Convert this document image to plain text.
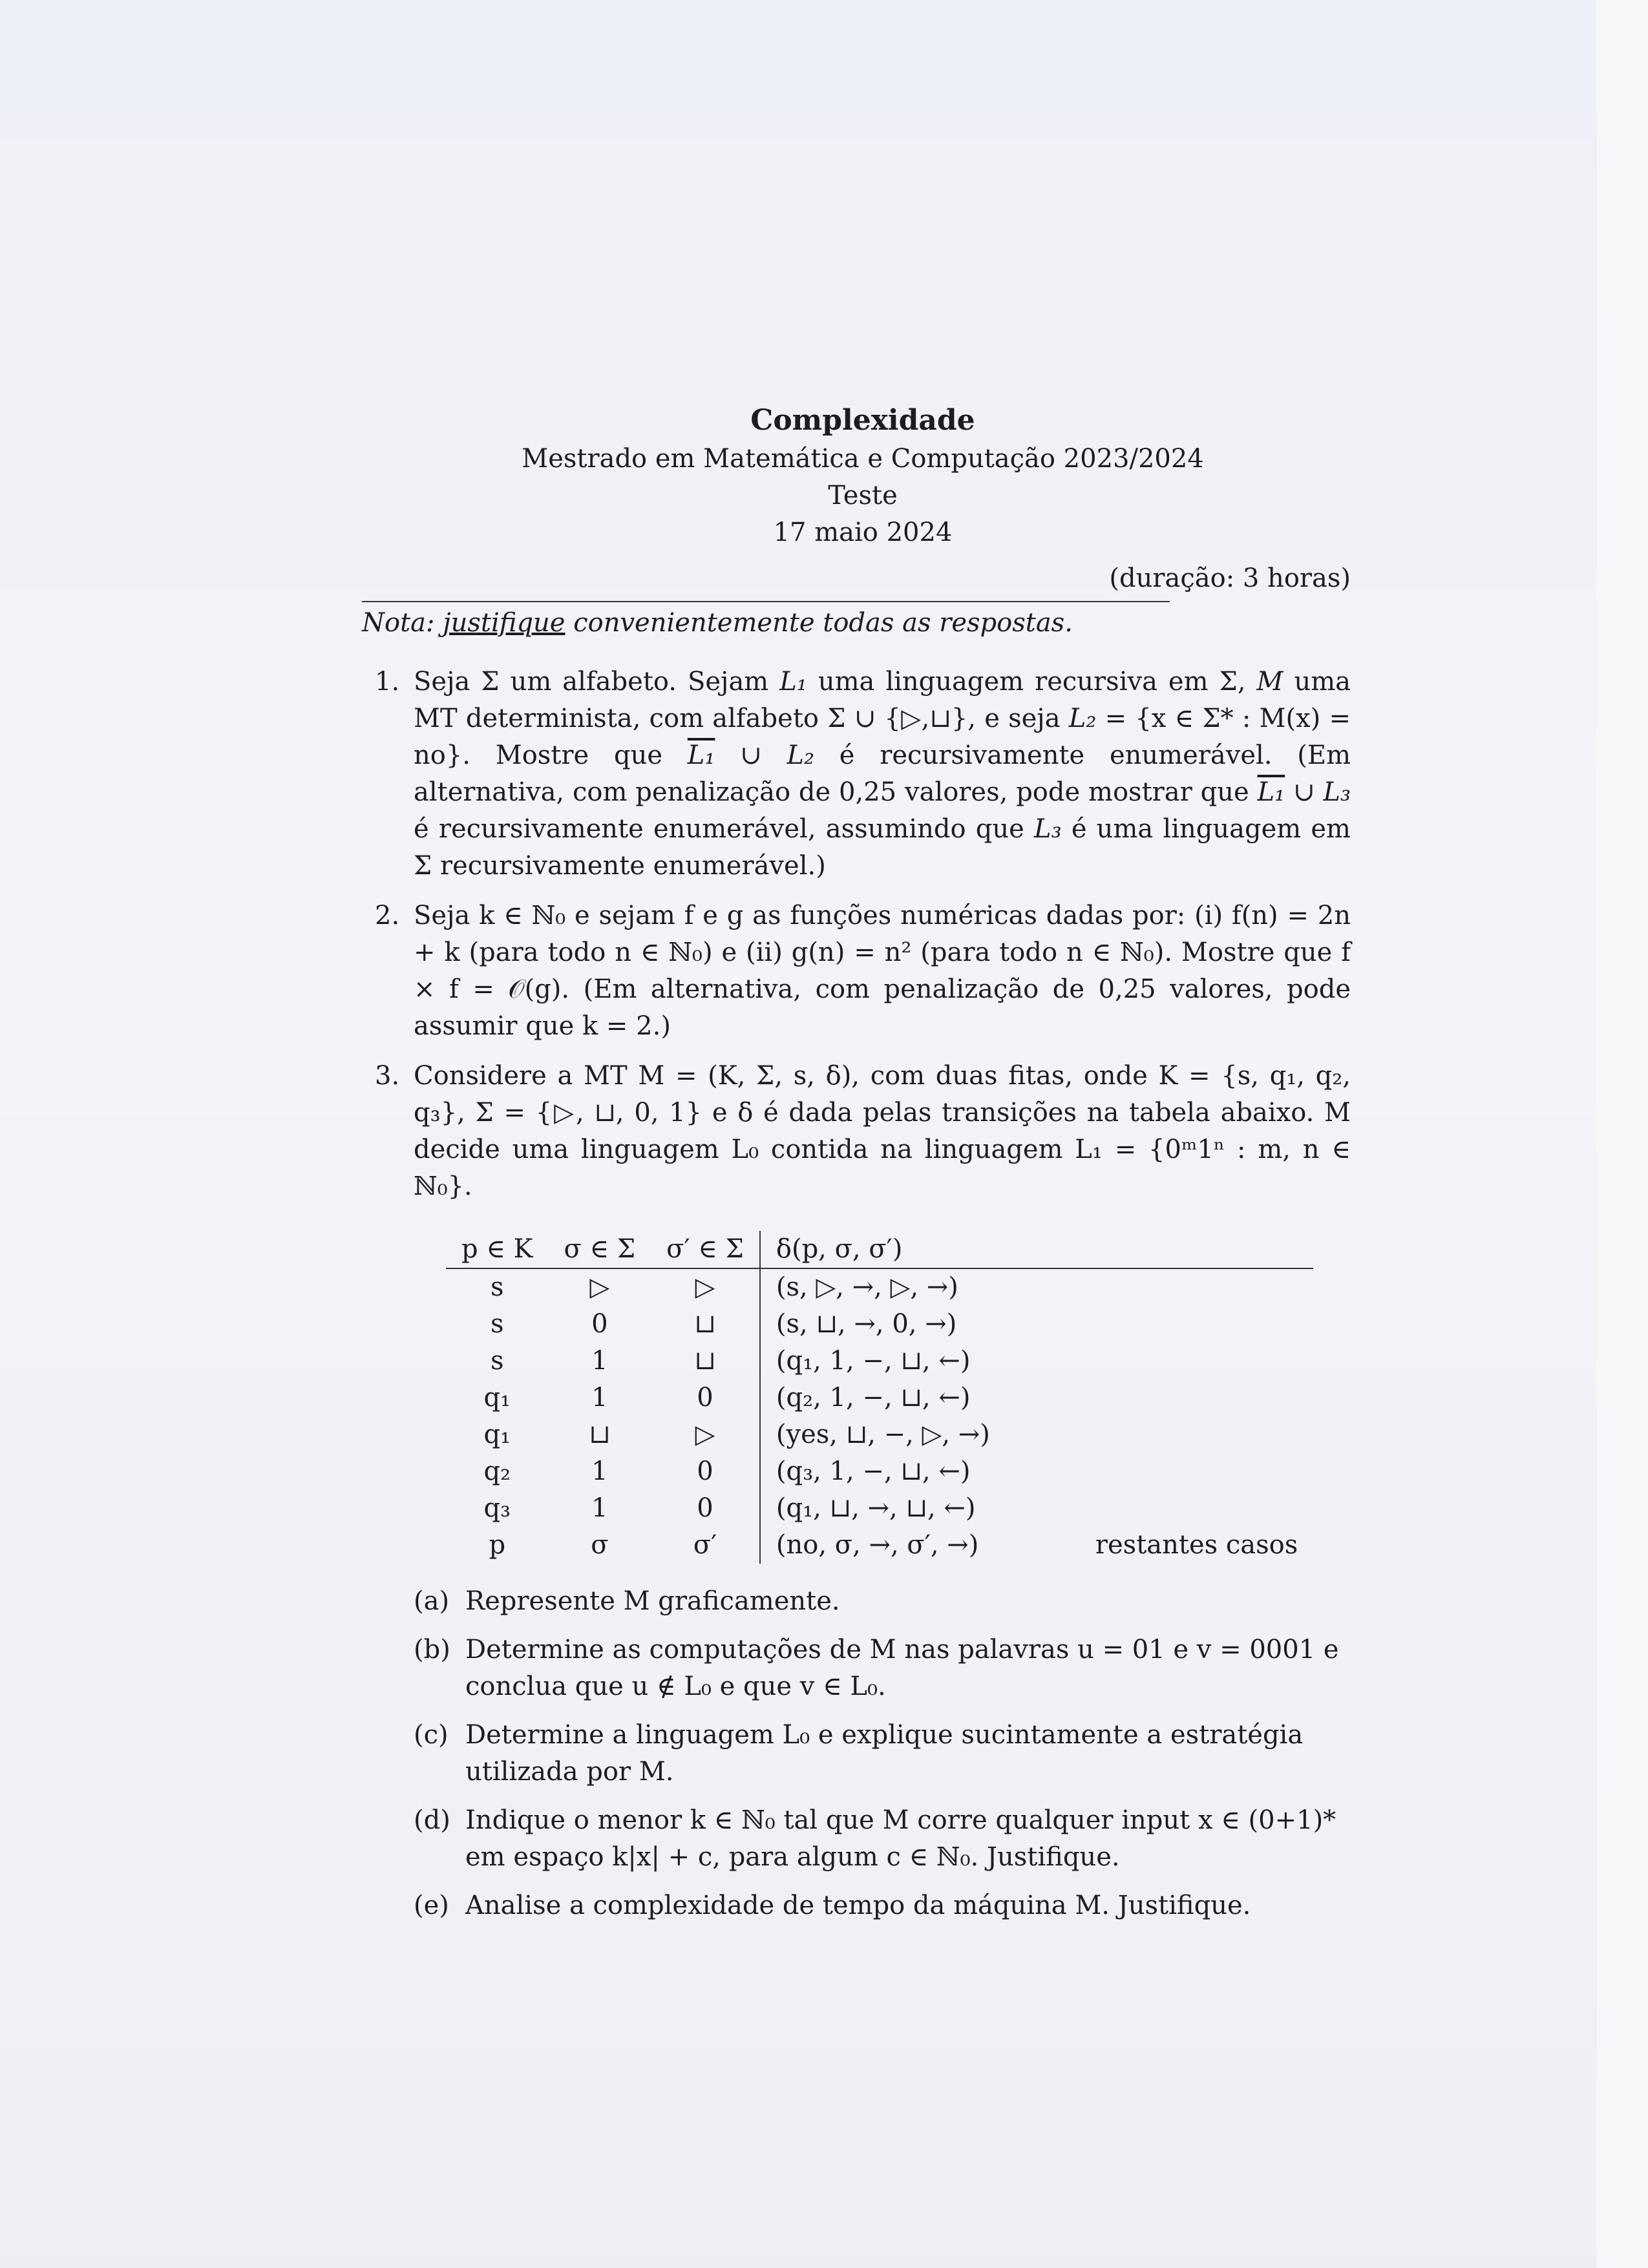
Complexidade
Mestrado em Matemática e Computação 2023/2024
Teste
17 maio 2024
(duração: 3 horas)
Nota: justifique convenientemente todas as respostas.
1. Seja Σ um alfabeto. Sejam L₁ uma linguagem recursiva em Σ, M uma MT determinista, com alfabeto Σ ∪ {▷,⊔}, e seja L₂ = {x ∈ Σ* : M(x) = no}. Mostre que L₁ ∪ L₂ é recursivamente enumerável. (Em alternativa, com penalização de 0,25 valores, pode mostrar que L₁ ∪ L₃ é recursivamente enumerável, assumindo que L₃ é uma linguagem em Σ recursivamente enumerável.)
2. Seja k ∈ ℕ₀ e sejam f e g as funções numéricas dadas por: (i) f(n) = 2n + k (para todo n ∈ ℕ₀) e (ii) g(n) = n² (para todo n ∈ ℕ₀). Mostre que f × f = 𝒪(g). (Em alternativa, com penalização de 0,25 valores, pode assumir que k = 2.)
3. Considere a MT M = (K, Σ, s, δ), com duas fitas, onde K = {s, q₁, q₂, q₃}, Σ = {▷, ⊔, 0, 1} e δ é dada pelas transições na tabela abaixo. M decide uma linguagem L₀ contida na linguagem L₁ = {0ᵐ1ⁿ : m, n ∈ ℕ₀}.
p ∈ K	σ ∈ Σ	σ′ ∈ Σ	δ(p, σ, σ′)	
s	▷	▷	(s, ▷, →, ▷, →)	
s	0	⊔	(s, ⊔, →, 0, →)	
s	1	⊔	(q₁, 1, −, ⊔, ←)	
q₁	1	0	(q₂, 1, −, ⊔, ←)	
q₁	⊔	▷	(yes, ⊔, −, ▷, →)	
q₂	1	0	(q₃, 1, −, ⊔, ←)	
q₃	1	0	(q₁, ⊔, →, ⊔, ←)	
p	σ	σ′	(no, σ, →, σ′, →)	restantes casos
(a) Represente M graficamente.
(b) Determine as computações de M nas palavras u = 01 e v = 0001 e conclua que u ∉ L₀ e que v ∈ L₀.
(c) Determine a linguagem L₀ e explique sucintamente a estratégia utilizada por M.
(d) Indique o menor k ∈ ℕ₀ tal que M corre qualquer input x ∈ (0+1)* em espaço k|x| + c, para algum c ∈ ℕ₀. Justifique.
(e) Analise a complexidade de tempo da máquina M. Justifique.
